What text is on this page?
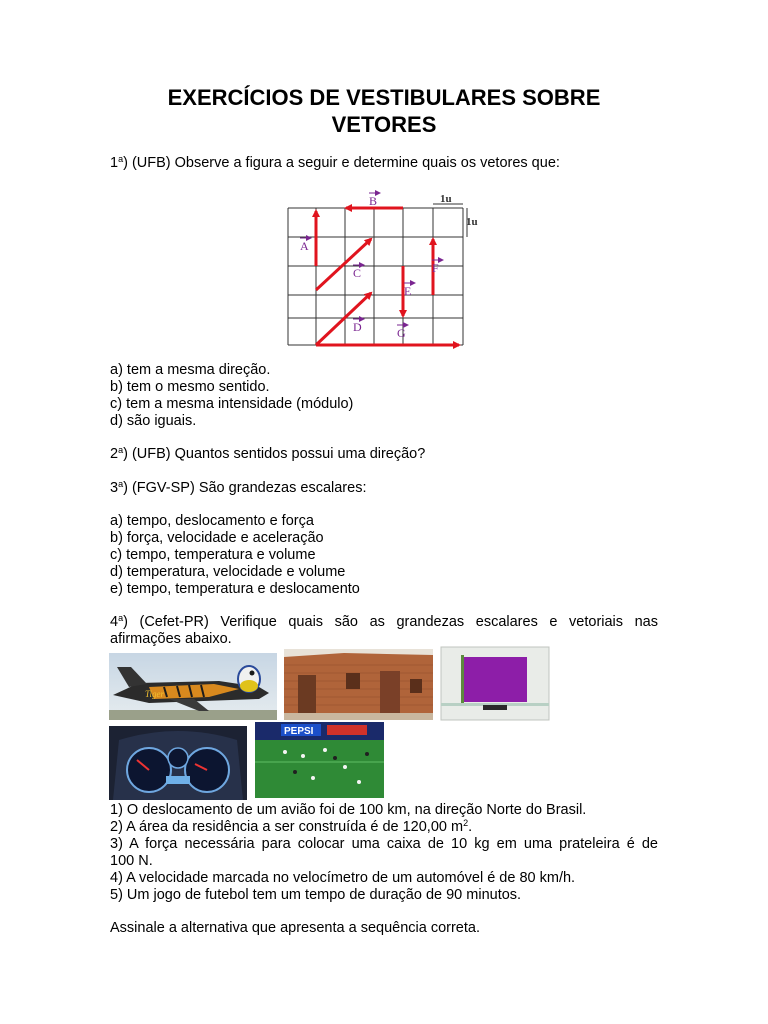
EXERCÍCIOS DE VESTIBULARES SOBRE
VETORES
1$^a$) (UFB) Observe a figura a seguir e determine quais os vetores que:
1u
1u
A
B
C
D
E
F
G
a) tem a mesma direção.
b) tem o mesmo sentido.
c) tem a mesma intensidade (módulo)
d) são iguais.
2$^a$) (UFB) Quantos sentidos possui uma direção?
3$^a$) (FGV-SP) São grandezas escalares:
a) tempo, deslocamento e força
b) força, velocidade e aceleração
c) tempo, temperatura e volume
d) temperatura, velocidade e volume
e) tempo, temperatura e deslocamento
4$^a$) (Cefet-PR) Verifique quais são as grandezas escalares e vetoriais nas
afirmações abaixo.
Tiger
PEPSI
1) O deslocamento de um avião foi de 100 km, na direção Norte do Brasil.
2) A área da residência a ser construída é de 120,00 $m^2$.
3) A força necessária para colocar uma caixa de 10 kg em uma prateleira é de
100 N.
4) A velocidade marcada no velocímetro de um automóvel é de 80 km/h.
5) Um jogo de futebol tem um tempo de duração de 90 minutos.
Assinale a alternativa que apresenta a sequência correta.
